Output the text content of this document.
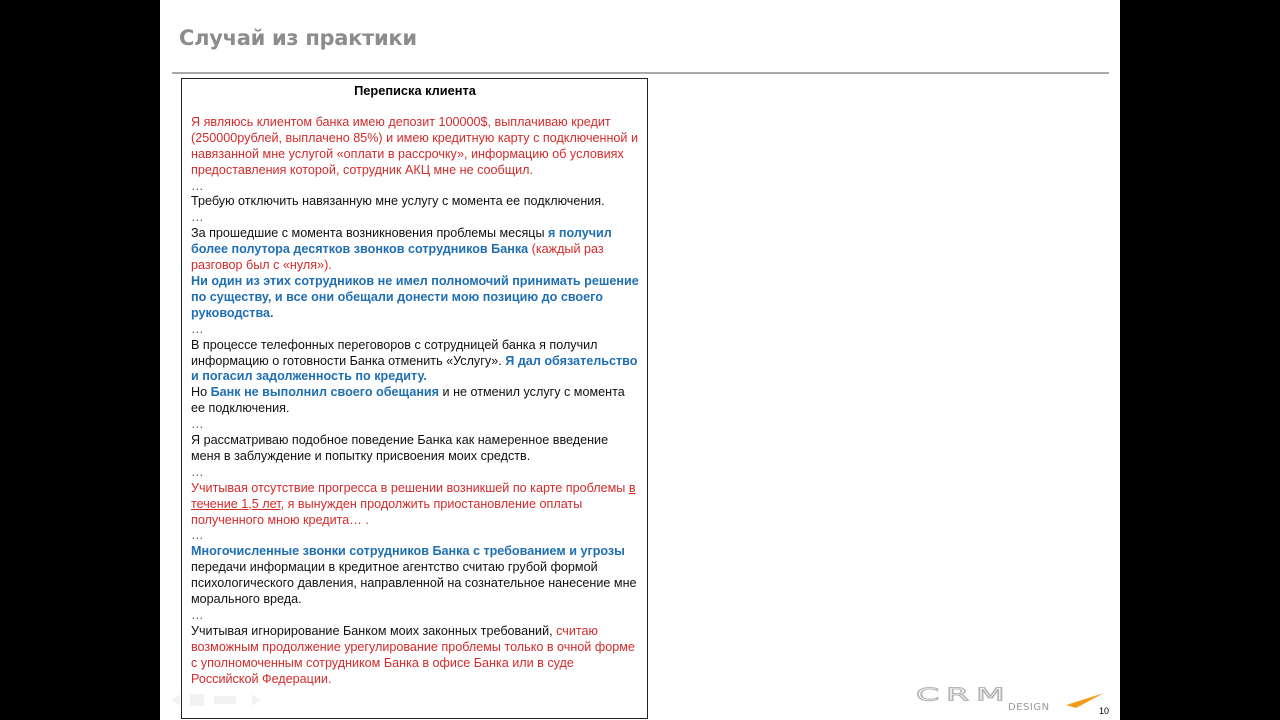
Случай из практики
Переписка клиента

Я являюсь клиентом банка имею депозит 100000$, выплачиваю кредит (250000рублей, выплачено 85%) и имею кредитную карту с подключенной и навязанной мне услугой «оплати в рассрочку», информацию об условиях предоставления которой, сотрудник АКЦ мне не сообщил.

…

Требую отключить навязанную мне услугу с момента ее подключения.

…

За прошедшие с момента возникновения проблемы месяцы я получил более полутора десятков звонков сотрудников Банка (каждый раз разговор был с «нуля»).

Ни один из этих сотрудников не имел полномочий принимать решение по существу, и все они обещали донести мою позицию до своего руководства.

…

В процессе телефонных переговоров с сотрудницей банка я получил информацию о готовности Банка отменить «Услугу». Я дал обязательство и погасил задолженность по кредиту.

Но Банк не выполнил своего обещания и не отменил услугу с момента ее подключения.

…

Я рассматриваю подобное поведение Банка как намеренное введение меня в заблуждение и попытку присвоения моих средств.

…

Учитывая отсутствие прогресса в решении возникшей по карте проблемы в течение 1,5 лет, я вынужден продолжить приостановление оплаты полученного мною кредита… .

…

Многочисленные звонки сотрудников Банка с требованием и угрозы передачи информации в кредитное агентство считаю грубой формой психологического давления, направленной на сознательное нанесение мне морального вреда.

…

Учитывая игнорирование Банком моих законных требований, считаю возможным продолжение урегулирование проблемы только в очной форме с уполномоченным сотрудником Банка в офисе Банка или в суде Российской Федерации.

CRM
DESIGN	10
